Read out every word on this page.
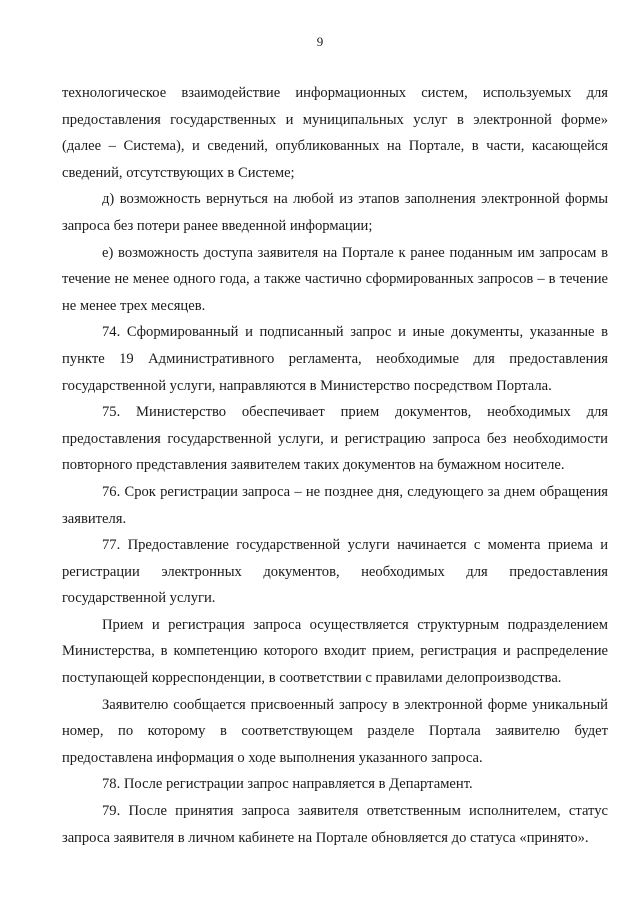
9

технологическое взаимодействие информационных систем, используемых для предоставления государственных и муниципальных услуг в электронной форме» (далее – Система), и сведений, опубликованных на Портале, в части, касающейся сведений, отсутствующих в Системе;

д) возможность вернуться на любой из этапов заполнения электронной формы запроса без потери ранее введенной информации;

е) возможность доступа заявителя на Портале к ранее поданным им запросам в течение не менее одного года, а также частично сформированных запросов – в течение не менее трех месяцев.

74. Сформированный и подписанный запрос и иные документы, указанные в пункте 19 Административного регламента, необходимые для предоставления государственной услуги, направляются в Министерство посредством Портала.

75. Министерство обеспечивает прием документов, необходимых для предоставления государственной услуги, и регистрацию запроса без необходимости повторного представления заявителем таких документов на бумажном носителе.

76. Срок регистрации запроса – не позднее дня, следующего за днем обращения заявителя.

77. Предоставление государственной услуги начинается с момента приема и регистрации электронных документов, необходимых для предоставления государственной услуги.

Прием и регистрация запроса осуществляется структурным подразделением Министерства, в компетенцию которого входит прием, регистрация и распределение поступающей корреспонденции, в соответствии с правилами делопроизводства.

Заявителю сообщается присвоенный запросу в электронной форме уникальный номер, по которому в соответствующем разделе Портала заявителю будет предоставлена информация о ходе выполнения указанного запроса.

78. После регистрации запрос направляется в Департамент.

79. После принятия запроса заявителя ответственным исполнителем, статус запроса заявителя в личном кабинете на Портале обновляется до статуса «принято».
